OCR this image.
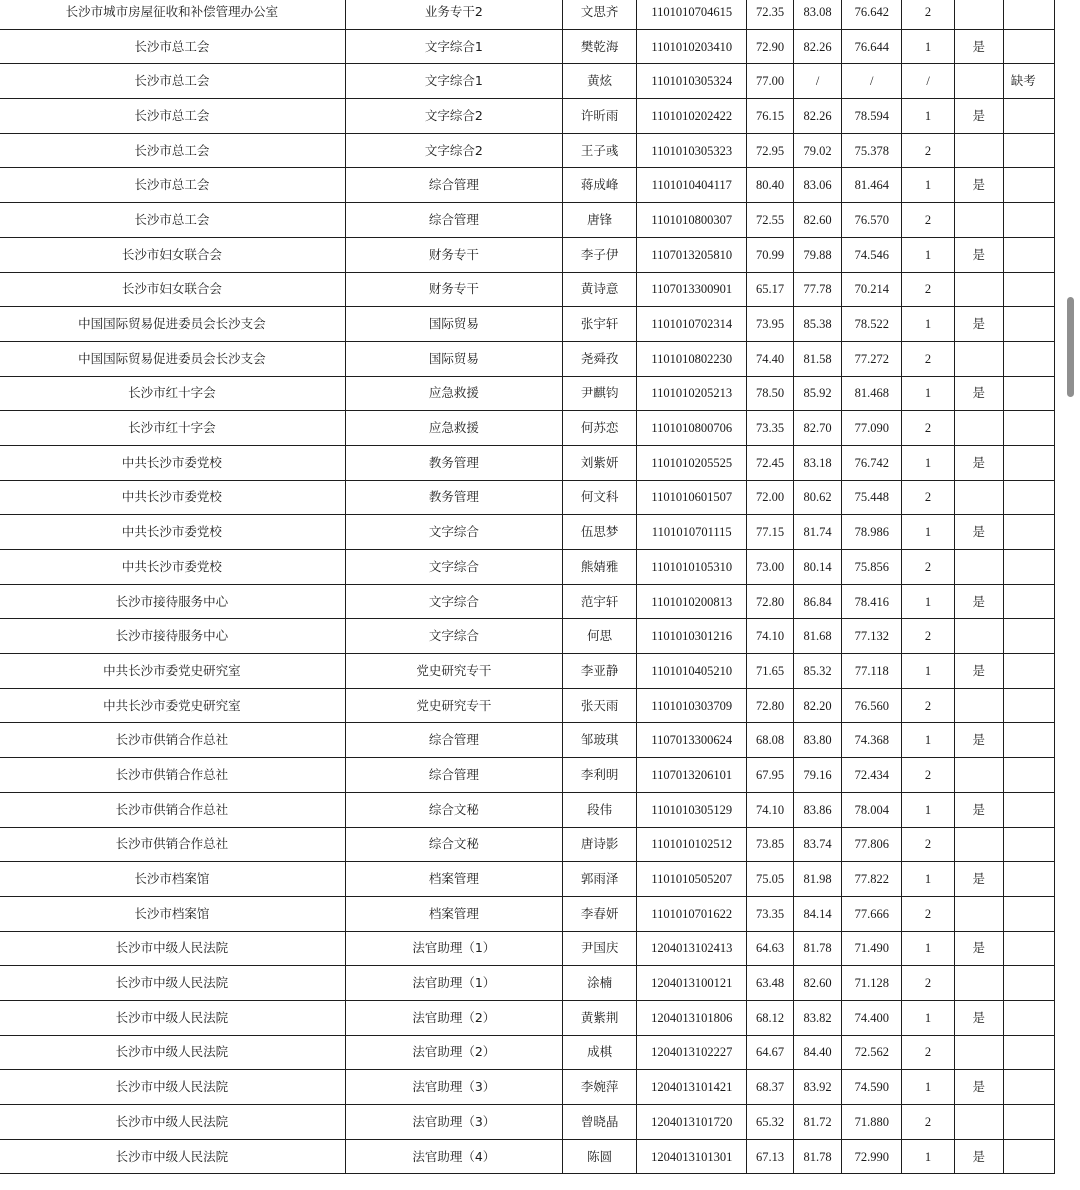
长沙市城市房屋征收和补偿管理办公室	业务专干2	文思齐	1101010704615	72.35	83.08	76.642	2		
长沙市总工会	文字综合1	樊乾海	1101010203410	72.90	82.26	76.644	1	是	
长沙市总工会	文字综合1	黄炫	1101010305324	77.00	/	/	/		缺考
长沙市总工会	文字综合2	许昕雨	1101010202422	76.15	82.26	78.594	1	是	
长沙市总工会	文字综合2	王子彧	1101010305323	72.95	79.02	75.378	2		
长沙市总工会	综合管理	蒋成峰	1101010404117	80.40	83.06	81.464	1	是	
长沙市总工会	综合管理	唐锋	1101010800307	72.55	82.60	76.570	2		
长沙市妇女联合会	财务专干	李子伊	1107013205810	70.99	79.88	74.546	1	是	
长沙市妇女联合会	财务专干	黄诗意	1107013300901	65.17	77.78	70.214	2		
中国国际贸易促进委员会长沙支会	国际贸易	张宇轩	1101010702314	73.95	85.38	78.522	1	是	
中国国际贸易促进委员会长沙支会	国际贸易	尧舜孜	1101010802230	74.40	81.58	77.272	2		
长沙市红十字会	应急救援	尹麒钧	1101010205213	78.50	85.92	81.468	1	是	
长沙市红十字会	应急救援	何苏恋	1101010800706	73.35	82.70	77.090	2		
中共长沙市委党校	教务管理	刘紫妍	1101010205525	72.45	83.18	76.742	1	是	
中共长沙市委党校	教务管理	何文科	1101010601507	72.00	80.62	75.448	2		
中共长沙市委党校	文字综合	伍思梦	1101010701115	77.15	81.74	78.986	1	是	
中共长沙市委党校	文字综合	熊婧雅	1101010105310	73.00	80.14	75.856	2		
长沙市接待服务中心	文字综合	范宇轩	1101010200813	72.80	86.84	78.416	1	是	
长沙市接待服务中心	文字综合	何思	1101010301216	74.10	81.68	77.132	2		
中共长沙市委党史研究室	党史研究专干	李亚静	1101010405210	71.65	85.32	77.118	1	是	
中共长沙市委党史研究室	党史研究专干	张天雨	1101010303709	72.80	82.20	76.560	2		
长沙市供销合作总社	综合管理	邹玻琪	1107013300624	68.08	83.80	74.368	1	是	
长沙市供销合作总社	综合管理	李利明	1107013206101	67.95	79.16	72.434	2		
长沙市供销合作总社	综合文秘	段伟	1101010305129	74.10	83.86	78.004	1	是	
长沙市供销合作总社	综合文秘	唐诗影	1101010102512	73.85	83.74	77.806	2		
长沙市档案馆	档案管理	郭雨泽	1101010505207	75.05	81.98	77.822	1	是	
长沙市档案馆	档案管理	李春妍	1101010701622	73.35	84.14	77.666	2		
长沙市中级人民法院	法官助理（1）	尹国庆	1204013102413	64.63	81.78	71.490	1	是	
长沙市中级人民法院	法官助理（1）	涂楠	1204013100121	63.48	82.60	71.128	2		
长沙市中级人民法院	法官助理（2）	黄紫荆	1204013101806	68.12	83.82	74.400	1	是	
长沙市中级人民法院	法官助理（2）	成棋	1204013102227	64.67	84.40	72.562	2		
长沙市中级人民法院	法官助理（3）	李婉萍	1204013101421	68.37	83.92	74.590	1	是	
长沙市中级人民法院	法官助理（3）	曾晓晶	1204013101720	65.32	81.72	71.880	2		
长沙市中级人民法院	法官助理（4）	陈圆	1204013101301	67.13	81.78	72.990	1	是	
